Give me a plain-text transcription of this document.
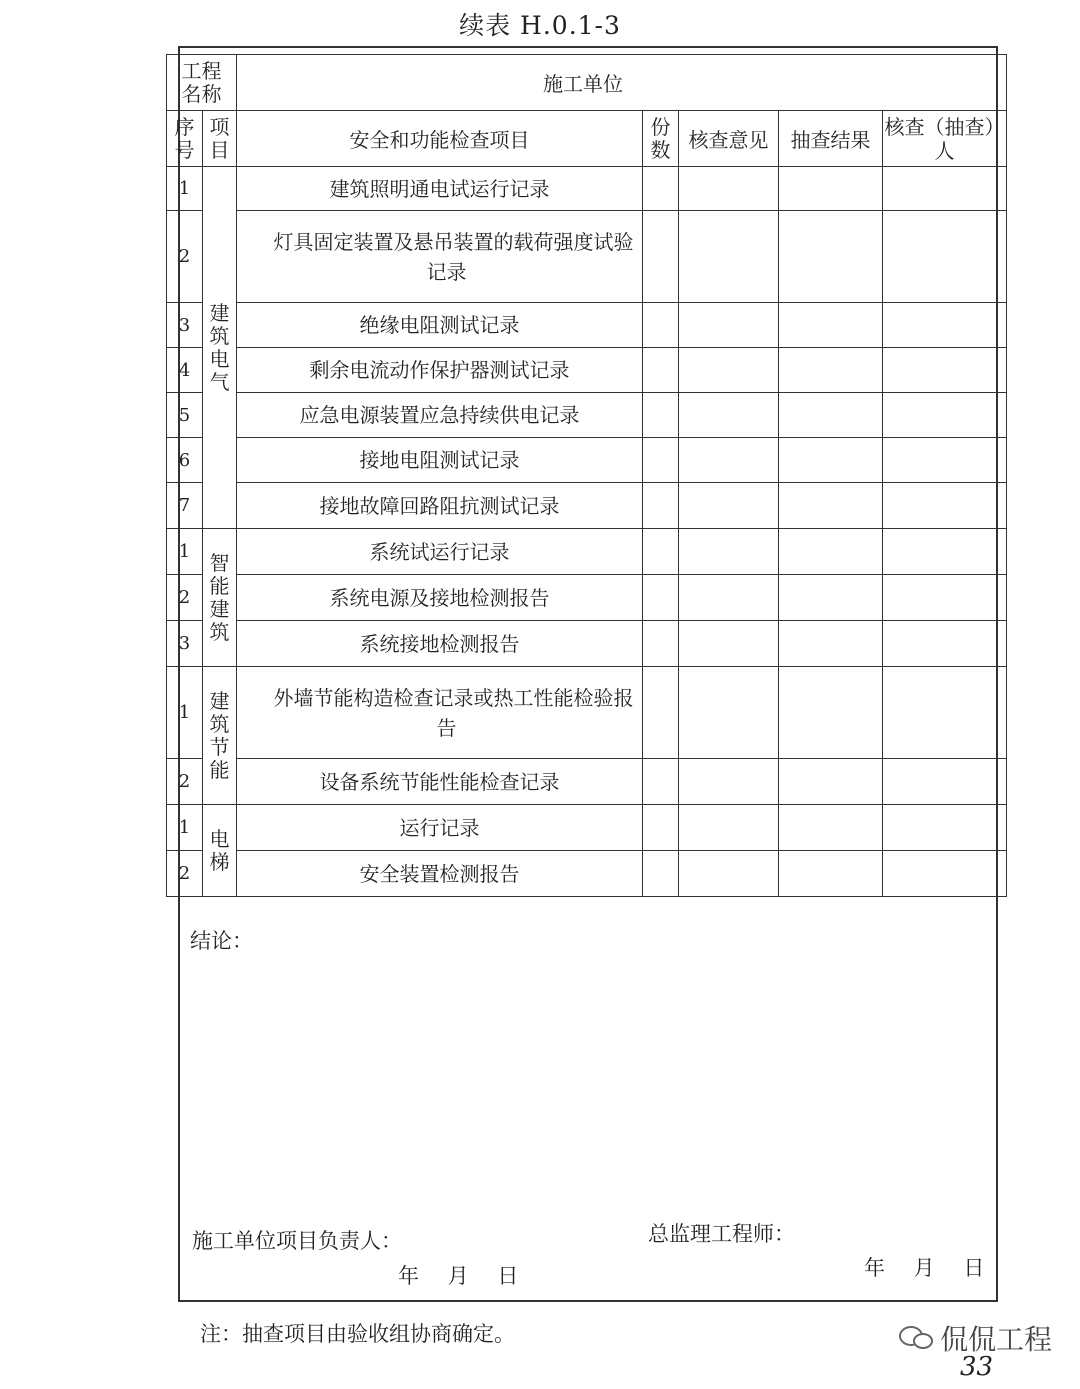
续表 H.0.1-3
工程名称		施工单位				
序号	项目	安全和功能检查项目	份数	核查意见	抽查结果	核查（抽查）人
1	建筑电气	建筑照明通电试运行记录				
2		灯具固定装置及悬吊装置的载荷强度试验记录				
3		绝缘电阻测试记录				
4		剩余电流动作保护器测试记录				
5		应急电源装置应急持续供电记录				
6		接地电阻测试记录				
7		接地故障回路阻抗测试记录				
1	智能建筑	系统试运行记录				
2		系统电源及接地检测报告				
3		系统接地检测报告				
1	建筑节能	外墙节能构造检查记录或热工性能检验报告				
2		设备系统节能性能检查记录				
1	电梯	运行记录				
2		安全装置检测报告				
结论：
施工单位项目负责人：	总监理工程师：
年 月 日	年 月 日
注：抽查项目由验收组协商确定。	侃侃工程
33
